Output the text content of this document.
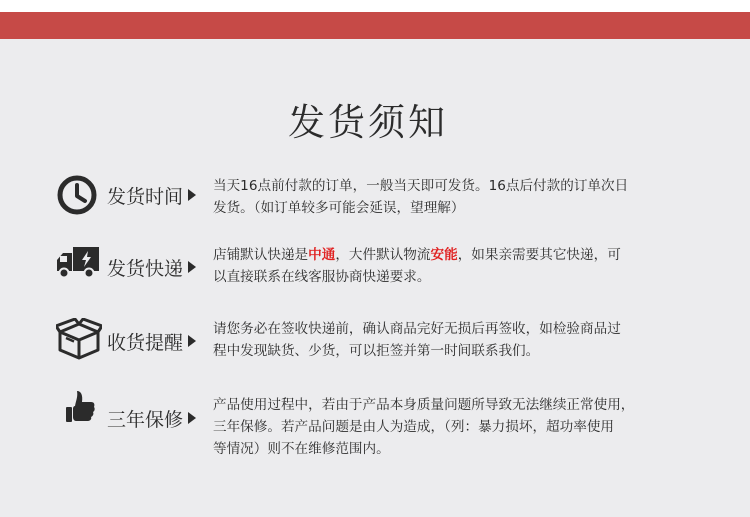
发货须知
发货时间	当天16点前付款的订单，一般当天即可发货。16点后付款的订单次日
发货。（如订单较多可能会延误，望理解）
发货快递
店铺默认快递是中通，大件默认物流安能，如果亲需要其它快递，可
以直接联系在线客服协商快递要求。
收货提醒
请您务必在签收快递前，确认商品完好无损后再签收，如检验商品过
程中发现缺货、少货，可以拒签并第一时间联系我们。
三年保修
产品使用过程中，若由于产品本身质量问题所导致无法继续正常使用，
三年保修。若产品问题是由人为造成，（列：暴力损坏，超功率使用
等情况）则不在维修范围内。
